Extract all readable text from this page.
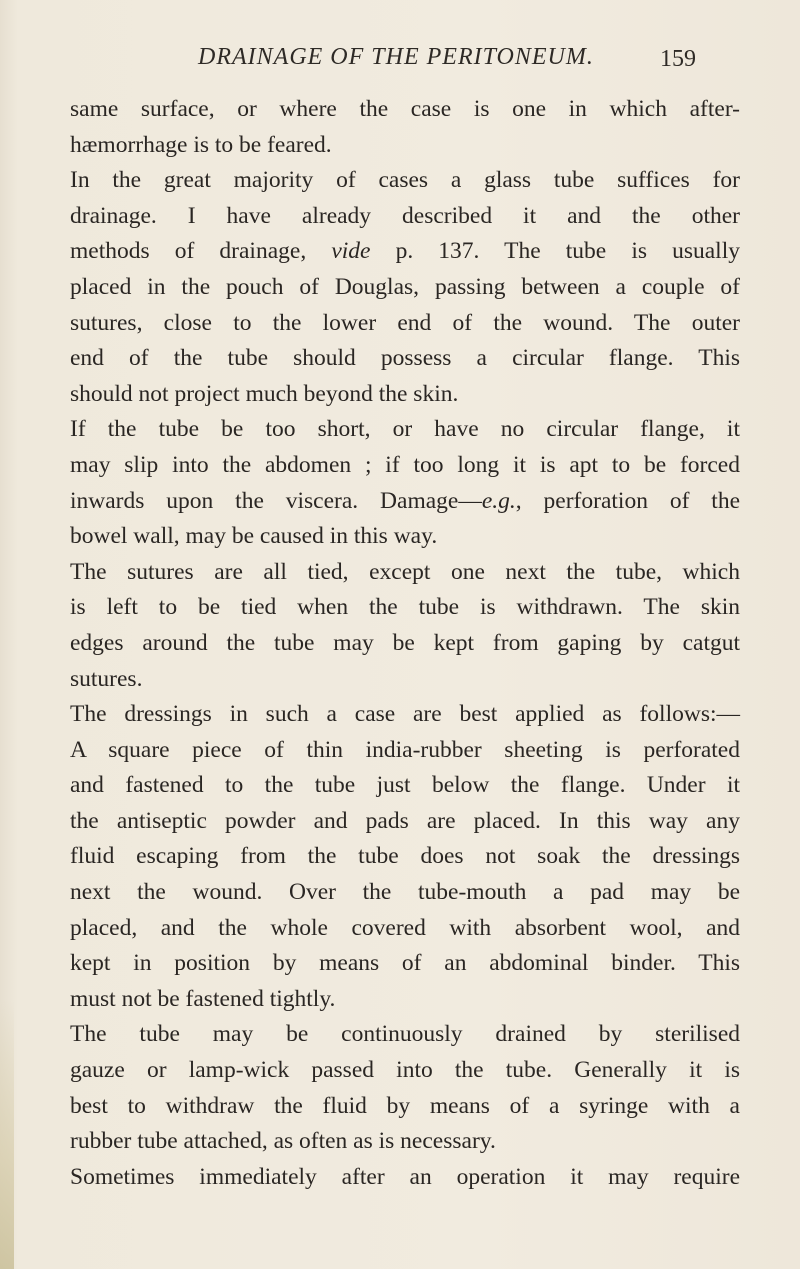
DRAINAGE OF THE PERITONEUM.	159
same surface, or where the case is one in which after-
hæmorrhage is to be feared.
In the great majority of cases a glass tube suffices for
drainage. I have already described it and the other
methods of drainage, vide p. 137. The tube is usually
placed in the pouch of Douglas, passing between a couple of
sutures, close to the lower end of the wound. The outer
end of the tube should possess a circular flange. This
should not project much beyond the skin.
If the tube be too short, or have no circular flange, it
may slip into the abdomen ; if too long it is apt to be forced
inwards upon the viscera. Damage—e.g., perforation of the
bowel wall, may be caused in this way.
The sutures are all tied, except one next the tube, which
is left to be tied when the tube is withdrawn. The skin
edges around the tube may be kept from gaping by catgut
sutures.
The dressings in such a case are best applied as follows:—
A square piece of thin india-rubber sheeting is perforated
and fastened to the tube just below the flange. Under it
the antiseptic powder and pads are placed. In this way any
fluid escaping from the tube does not soak the dressings
next the wound. Over the tube-mouth a pad may be
placed, and the whole covered with absorbent wool, and
kept in position by means of an abdominal binder. This
must not be fastened tightly.
The tube may be continuously drained by sterilised
gauze or lamp-wick passed into the tube. Generally it is
best to withdraw the fluid by means of a syringe with a
rubber tube attached, as often as is necessary.
Sometimes immediately after an operation it may require
